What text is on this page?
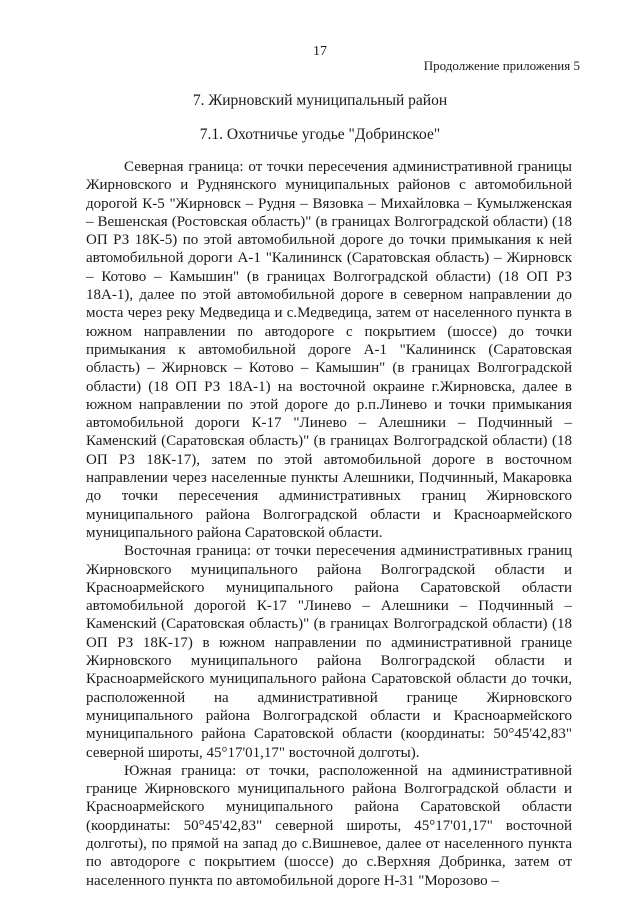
17
Продолжение приложения 5
7. Жирновский муниципальный район
7.1. Охотничье угодье "Добринское"

Северная граница: от точки пересечения административной границы Жирновского и Руднянского муниципальных районов с автомобильной дорогой К-5 "Жирновск – Рудня – Вязовка – Михайловка – Кумылженская – Вешенская (Ростовская область)" (в границах Волгоградской области) (18 ОП РЗ 18К-5) по этой автомобильной дороге до точки примыкания к ней автомобильной дороги А-1 "Калининск (Саратовская область) – Жирновск – Котово – Камышин" (в границах Волгоградской области) (18 ОП РЗ 18А-1), далее по этой автомобильной дороге в северном направлении до моста через реку Медведица и с.Медведица, затем от населенного пункта в южном направлении по автодороге с покрытием (шоссе) до точки примыкания к автомобильной дороге А-1 "Калининск (Саратовская область) – Жирновск – Котово – Камышин" (в границах Волгоградской области) (18 ОП РЗ 18А-1) на восточной окраине г.Жирновска, далее в южном направлении по этой дороге до р.п.Линево и точки примыкания автомобильной дороги К-17 "Линево – Алешники – Подчинный – Каменский (Саратовская область)" (в границах Волгоградской области) (18 ОП РЗ 18К-17), затем по этой автомобильной дороге в восточном направлении через населенные пункты Алешники, Подчинный, Макаровка до точки пересечения административных границ Жирновского муниципального района Волгоградской области и Красноармейского муниципального района Саратовской области.

Восточная граница: от точки пересечения административных границ Жирновского муниципального района Волгоградской области и Красноармейского муниципального района Саратовской области автомобильной дорогой К-17 "Линево – Алешники – Подчинный – Каменский (Саратовская область)" (в границах Волгоградской области) (18 ОП РЗ 18К-17) в южном направлении по административной границе Жирновского муниципального района Волгоградской области и Красноармейского муниципального района Саратовской области до точки, расположенной на административной границе Жирновского муниципального района Волгоградской области и Красноармейского муниципального района Саратовской области (координаты: 50°45'42,83" северной широты, 45°17'01,17" восточной долготы).

Южная граница: от точки, расположенной на административной границе Жирновского муниципального района Волгоградской области и Красноармейского муниципального района Саратовской области (координаты: 50°45'42,83" северной широты, 45°17'01,17" восточной долготы), по прямой на запад до с.Вишневое, далее от населенного пункта по автодороге с покрытием (шоссе) до с.Верхняя Добринка, затем от населенного пункта по автомобильной дороге Н-31 "Морозово –
